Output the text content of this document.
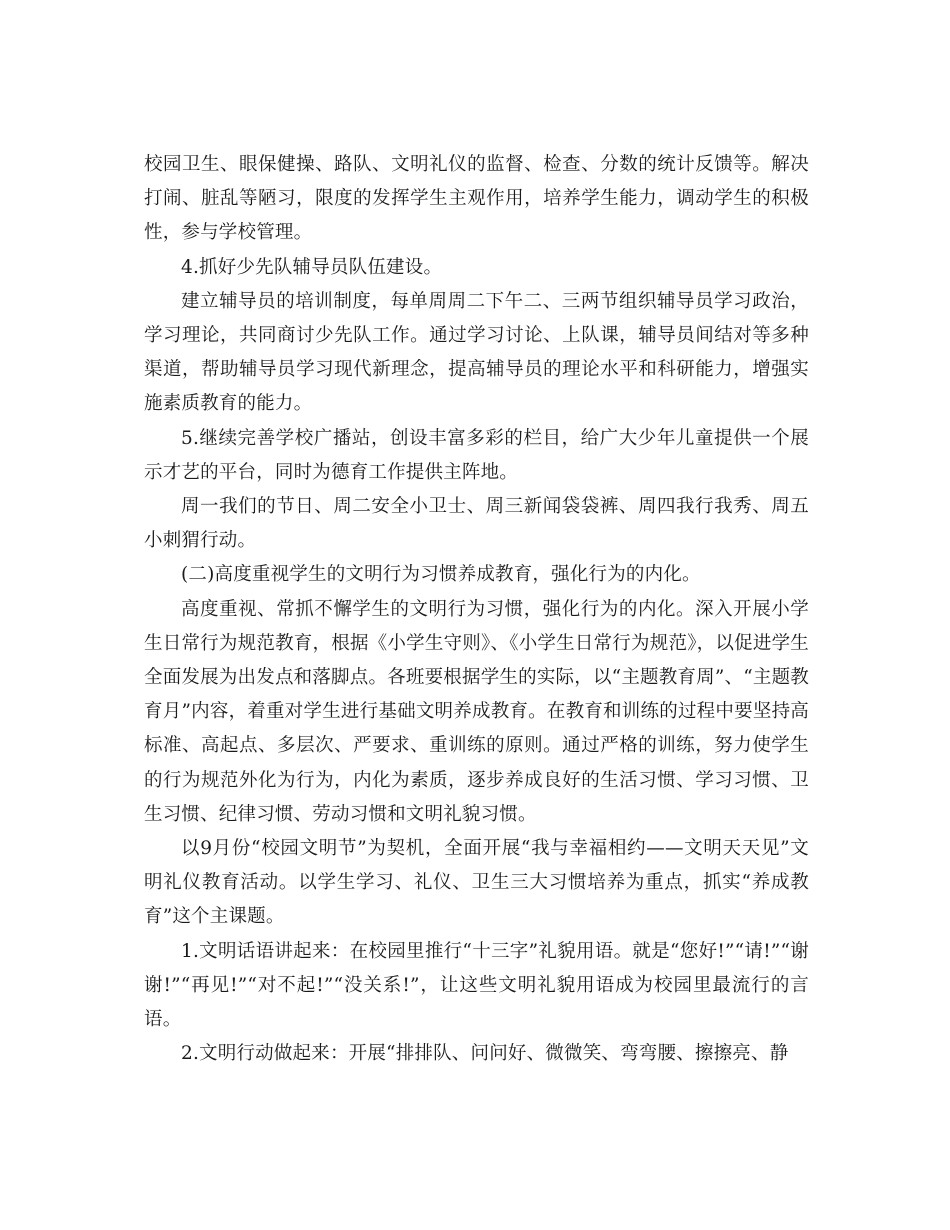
校园卫生、眼保健操、路队、文明礼仪的监督、检查、分数的统计反馈等。解决打闹、脏乱等陋习，限度的发挥学生主观作用，培养学生能力，调动学生的积极性，参与学校管理。

4.抓好少先队辅导员队伍建设。

建立辅导员的培训制度，每单周周二下午二、三两节组织辅导员学习政治，学习理论，共同商讨少先队工作。通过学习讨论、上队课，辅导员间结对等多种渠道，帮助辅导员学习现代新理念，提高辅导员的理论水平和科研能力，增强实施素质教育的能力。

5.继续完善学校广播站，创设丰富多彩的栏目，给广大少年儿童提供一个展示才艺的平台，同时为德育工作提供主阵地。

周一我们的节日、周二安全小卫士、周三新闻袋袋裤、周四我行我秀、周五小刺猬行动。

(二)高度重视学生的文明行为习惯养成教育，强化行为的内化。

高度重视、常抓不懈学生的文明行为习惯，强化行为的内化。深入开展小学生日常行为规范教育，根据《小学生守则》、《小学生日常行为规范》，以促进学生全面发展为出发点和落脚点。各班要根据学生的实际，以“主题教育周”、“主题教育月”内容，着重对学生进行基础文明养成教育。在教育和训练的过程中要坚持高标准、高起点、多层次、严要求、重训练的原则。通过严格的训练，努力使学生的行为规范外化为行为，内化为素质，逐步养成良好的生活习惯、学习习惯、卫生习惯、纪律习惯、劳动习惯和文明礼貌习惯。

以9月份“校园文明节”为契机，全面开展“我与幸福相约——文明天天见”文明礼仪教育活动。以学生学习、礼仪、卫生三大习惯培养为重点，抓实“养成教育”这个主课题。

1.文明话语讲起来：在校园里推行“十三字”礼貌用语。就是“您好!”“请!”“谢谢!”“再见!”“对不起!”“没关系!”，让这些文明礼貌用语成为校园里最流行的言语。

2.文明行动做起来：开展“排排队、问问好、微微笑、弯弯腰、擦擦亮、静
